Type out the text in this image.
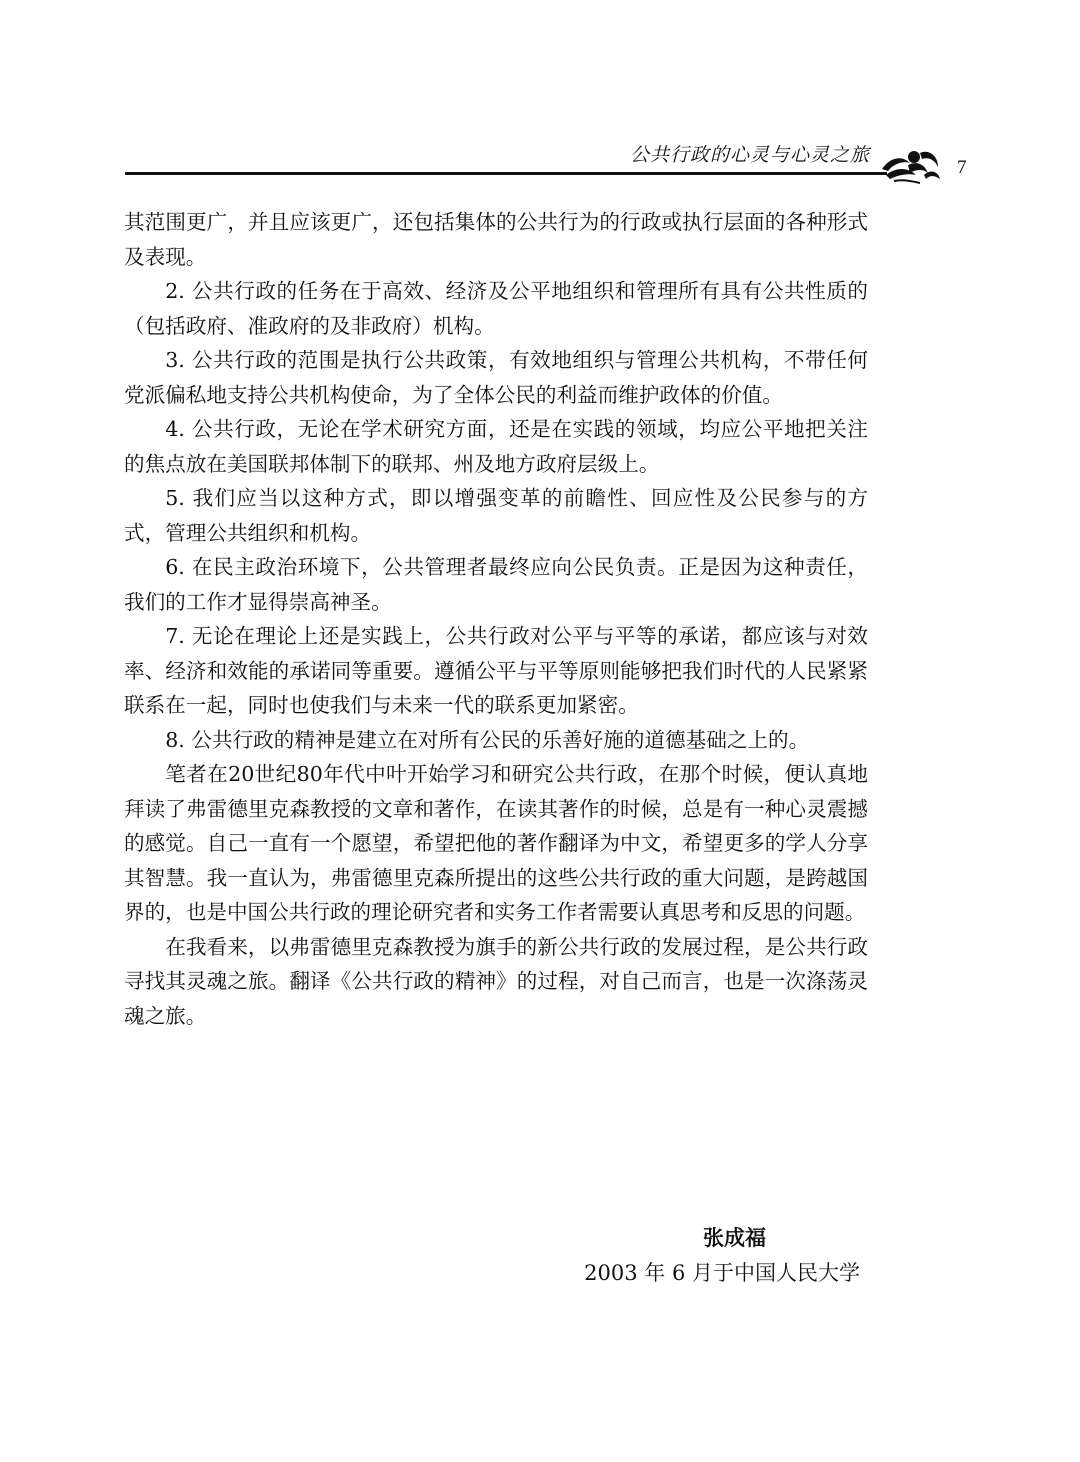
公共行政的心灵与心灵之旅
7

其范围更广，并且应该更广，还包括集体的公共行为的行政或执行层面的各种形式及表现。

2. 公共行政的任务在于高效、经济及公平地组织和管理所有具有公共性质的（包括政府、准政府的及非政府）机构。

3. 公共行政的范围是执行公共政策，有效地组织与管理公共机构，不带任何党派偏私地支持公共机构使命，为了全体公民的利益而维护政体的价值。

4. 公共行政，无论在学术研究方面，还是在实践的领域，均应公平地把关注的焦点放在美国联邦体制下的联邦、州及地方政府层级上。

5. 我们应当以这种方式，即以增强变革的前瞻性、回应性及公民参与的方式，管理公共组织和机构。

6. 在民主政治环境下，公共管理者最终应向公民负责。正是因为这种责任，我们的工作才显得崇高神圣。

7. 无论在理论上还是实践上，公共行政对公平与平等的承诺，都应该与对效率、经济和效能的承诺同等重要。遵循公平与平等原则能够把我们时代的人民紧紧联系在一起，同时也使我们与未来一代的联系更加紧密。

8. 公共行政的精神是建立在对所有公民的乐善好施的道德基础之上的。

笔者在20世纪80年代中叶开始学习和研究公共行政，在那个时候，便认真地拜读了弗雷德里克森教授的文章和著作，在读其著作的时候，总是有一种心灵震撼的感觉。自己一直有一个愿望，希望把他的著作翻译为中文，希望更多的学人分享其智慧。我一直认为，弗雷德里克森所提出的这些公共行政的重大问题，是跨越国界的，也是中国公共行政的理论研究者和实务工作者需要认真思考和反思的问题。

在我看来，以弗雷德里克森教授为旗手的新公共行政的发展过程，是公共行政寻找其灵魂之旅。翻译《公共行政的精神》的过程，对自己而言，也是一次涤荡灵魂之旅。

张成福
2003 年 6 月于中国人民大学
